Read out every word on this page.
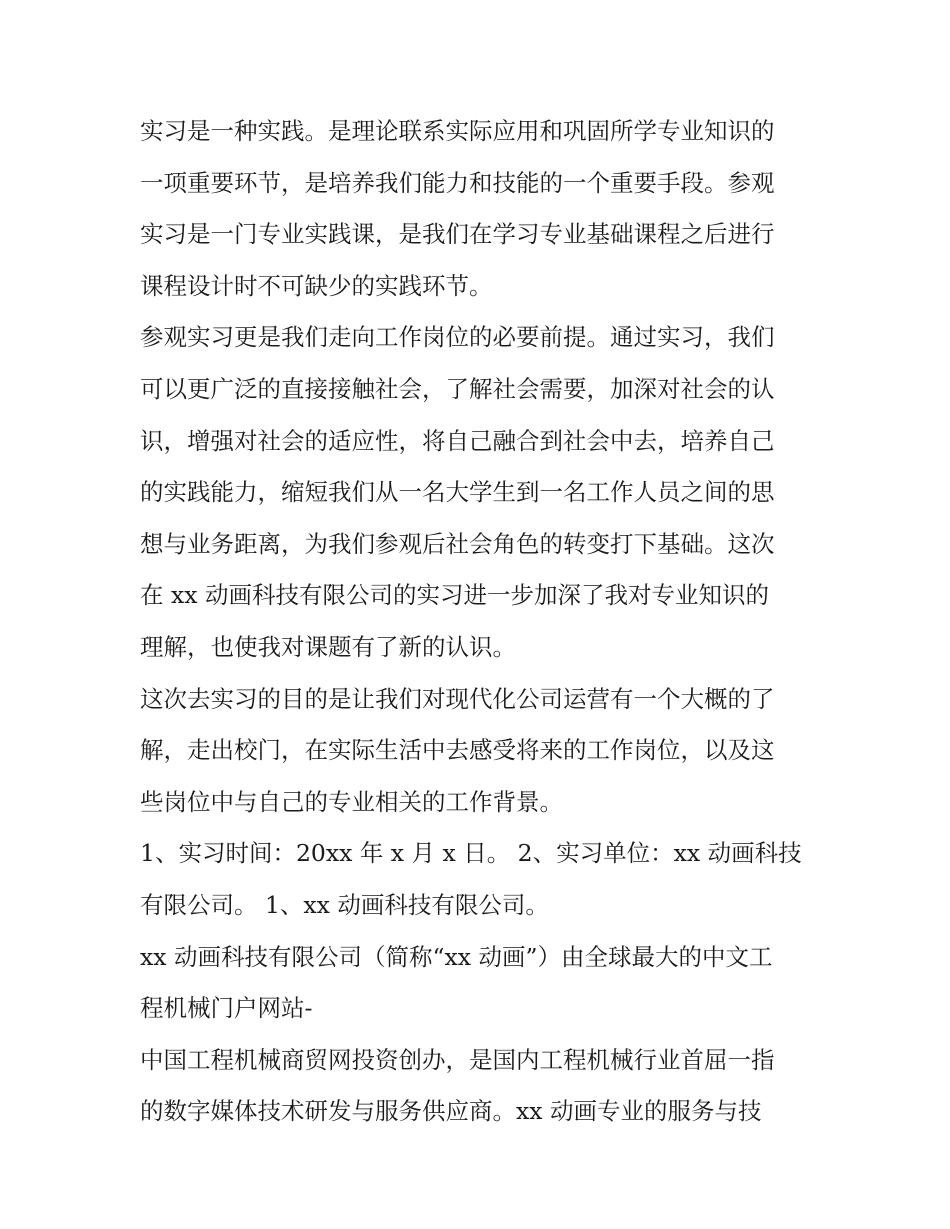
实习是一种实践。是理论联系实际应用和巩固所学专业知识的
一项重要环节，是培养我们能力和技能的一个重要手段。参观
实习是一门专业实践课，是我们在学习专业基础课程之后进行
课程设计时不可缺少的实践环节。
参观实习更是我们走向工作岗位的必要前提。通过实习，我们
可以更广泛的直接接触社会，了解社会需要，加深对社会的认
识，增强对社会的适应性，将自己融合到社会中去，培养自己
的实践能力，缩短我们从一名大学生到一名工作人员之间的思
想与业务距离，为我们参观后社会角色的转变打下基础。这次
在 xx 动画科技有限公司的实习进一步加深了我对专业知识的
理解，也使我对课题有了新的认识。
这次去实习的目的是让我们对现代化公司运营有一个大概的了
解，走出校门，在实际生活中去感受将来的工作岗位，以及这
些岗位中与自己的专业相关的工作背景。
1、实习时间：20xx 年 x 月 x 日。 2、实习单位：xx 动画科技
有限公司。 1、xx 动画科技有限公司。
xx 动画科技有限公司（简称“xx 动画”）由全球最大的中文工
程机械门户网站-
中国工程机械商贸网投资创办，是国内工程机械行业首屈一指
的数字媒体技术研发与服务供应商。xx 动画专业的服务与技
